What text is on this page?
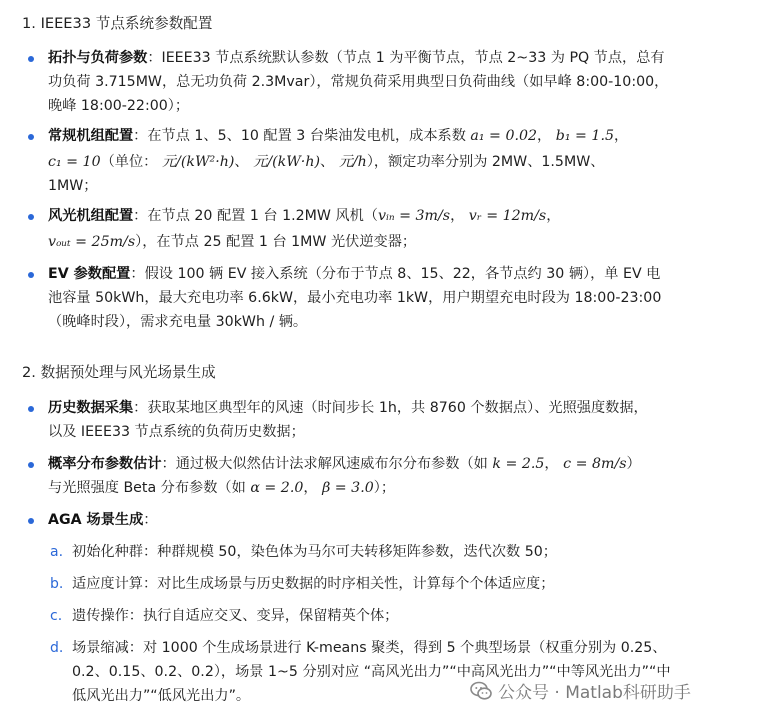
1. IEEE33 节点系统参数配置
拓扑与负荷参数：IEEE33 节点系统默认参数（节点 1 为平衡节点，节点 2~33 为 PQ 节点，总有
功负荷 3.715MW，总无功负荷 2.3Mvar），常规负荷采用典型日负荷曲线（如早峰 8:00-10:00，
晚峰 18:00-22:00）；
常规机组配置：在节点 1、5、10 配置 3 台柴油发电机，成本系数 a₁ = 0.02， b₁ = 1.5，
c₁ = 10（单位： 元/(kW²·h)、 元/(kW·h)、 元/h），额定功率分别为 2MW、1.5MW、
1MW；
风光机组配置：在节点 20 配置 1 台 1.2MW 风机（vᵢₙ = 3m/s， vᵣ = 12m/s，
vₒᵤₜ = 25m/s），在节点 25 配置 1 台 1MW 光伏逆变器；
EV 参数配置：假设 100 辆 EV 接入系统（分布于节点 8、15、22，各节点约 30 辆），单 EV 电
池容量 50kWh，最大充电功率 6.6kW，最小充电功率 1kW，用户期望充电时段为 18:00-23:00
（晚峰时段），需求充电量 30kWh / 辆。
2. 数据预处理与风光场景生成
历史数据采集：获取某地区典型年的风速（时间步长 1h，共 8760 个数据点）、光照强度数据，
以及 IEEE33 节点系统的负荷历史数据；
概率分布参数估计：通过极大似然估计法求解风速威布尔分布参数（如 k = 2.5， c = 8m/s）
与光照强度 Beta 分布参数（如 α = 2.0， β = 3.0）；
AGA 场景生成：
a. 初始化种群：种群规模 50，染色体为马尔可夫转移矩阵参数，迭代次数 50；
b. 适应度计算：对比生成场景与历史数据的时序相关性，计算每个个体适应度；
c. 遗传操作：执行自适应交叉、变异，保留精英个体；
d. 场景缩减：对 1000 个生成场景进行 K-means 聚类，得到 5 个典型场景（权重分别为 0.25、
0.2、0.15、0.2、0.2），场景 1~5 分别对应 “高风光出力”“中高风光出力”“中等风光出力”“中
低风光出力”“低风光出力”。	公众号 · Matlab科研助手
